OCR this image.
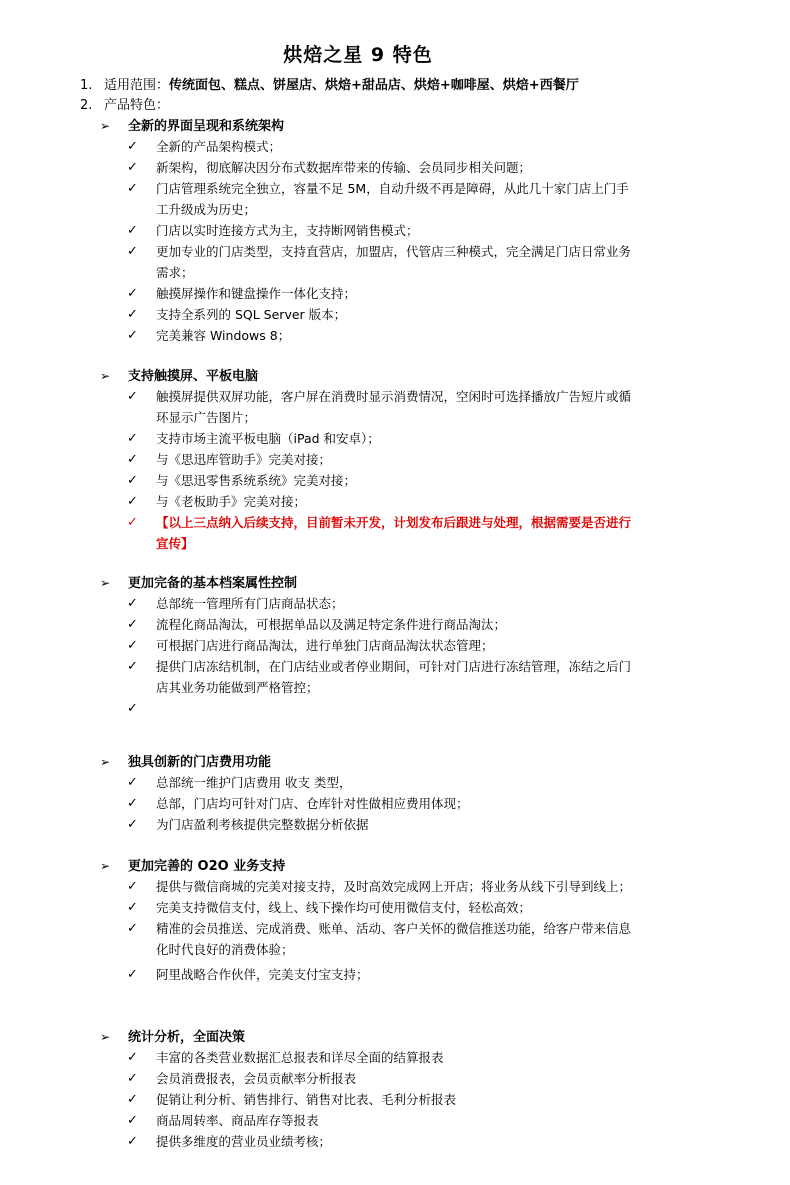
烘焙之星 9 特色
1. 适用范围：传统面包、糕点、饼屋店、烘焙+甜品店、烘焙+咖啡屋、烘焙+西餐厅
2. 产品特色：
➢ 全新的界面呈现和系统架构
✓ 全新的产品架构模式；
✓ 新架构，彻底解决因分布式数据库带来的传输、会员同步相关问题；
✓ 门店管理系统完全独立，容量不足 5M，自动升级不再是障碍，从此几十家门店上门手工升级成为历史；
✓ 门店以实时连接方式为主，支持断网销售模式；
✓ 更加专业的门店类型，支持直营店，加盟店，代管店三种模式，完全满足门店日常业务需求；
✓ 触摸屏操作和键盘操作一体化支持；
✓ 支持全系列的 SQL Server 版本；
✓ 完美兼容 Windows 8；
➢ 支持触摸屏、平板电脑
✓ 触摸屏提供双屏功能，客户屏在消费时显示消费情况，空闲时可选择播放广告短片或循环显示广告图片；
✓ 支持市场主流平板电脑（iPad 和安卓）；
✓ 与《思迅库管助手》完美对接；
✓ 与《思迅零售系统系统》完美对接；
✓ 与《老板助手》完美对接；
✓ 【以上三点纳入后续支持，目前暂未开发，计划发布后跟进与处理，根据需要是否进行宣传】
➢ 更加完备的基本档案属性控制
✓ 总部统一管理所有门店商品状态；
✓ 流程化商品淘汰，可根据单品以及满足特定条件进行商品淘汰；
✓ 可根据门店进行商品淘汰，进行单独门店商品淘汰状态管理；
✓ 提供门店冻结机制，在门店结业或者停业期间，可针对门店进行冻结管理，冻结之后门店其业务功能做到严格管控；
✓
➢ 独具创新的门店费用功能
✓ 总部统一维护门店费用 收支 类型，
✓ 总部，门店均可针对门店、仓库针对性做相应费用体现；
✓ 为门店盈利考核提供完整数据分析依据
➢ 更加完善的 O2O 业务支持
✓ 提供与微信商城的完美对接支持，及时高效完成网上开店；将业务从线下引导到线上；
✓ 完美支持微信支付，线上、线下操作均可使用微信支付，轻松高效；
✓ 精准的会员推送、完成消费、账单、活动、客户关怀的微信推送功能，给客户带来信息化时代良好的消费体验；
✓ 阿里战略合作伙伴，完美支付宝支持；
➢ 统计分析，全面决策
✓ 丰富的各类营业数据汇总报表和详尽全面的结算报表
✓ 会员消费报表，会员贡献率分析报表
✓ 促销让利分析、销售排行、销售对比表、毛利分析报表
✓ 商品周转率、商品库存等报表
✓ 提供多维度的营业员业绩考核；
